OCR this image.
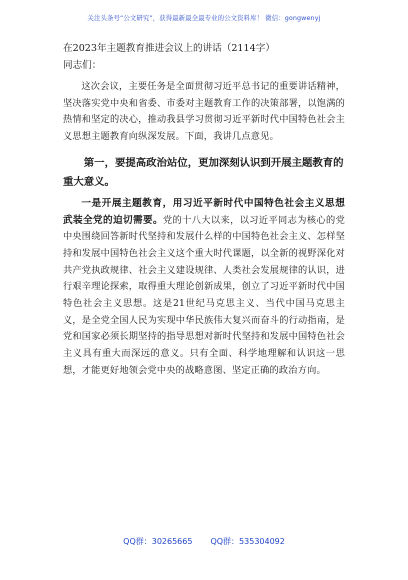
关注头条号“公文研究”，获得最新最全最专业的公文资料库！ 微信：gongwenyj
在2023年主题教育推进会议上的讲话（2114字）
同志们：

这次会议，主要任务是全面贯彻习近平总书记的重要讲话精神，坚决落实党中央和省委、市委对主题教育工作的决策部署，以饱满的热情和坚定的决心，推动我县学习贯彻习近平新时代中国特色社会主义思想主题教育向纵深发展。下面，我讲几点意见。

第一，要提高政治站位，更加深刻认识到开展主题教育的重大意义。

一是开展主题教育，用习近平新时代中国特色社会主义思想武装全党的迫切需要。党的十八大以来，以习近平同志为核心的党中央围绕回答新时代坚持和发展什么样的中国特色社会主义、怎样坚持和发展中国特色社会主义这个重大时代课题，以全新的视野深化对共产党执政规律、社会主义建设规律、人类社会发展规律的认识，进行艰辛理论探索，取得重大理论创新成果，创立了习近平新时代中国特色社会主义思想。这是21世纪马克思主义、当代中国马克思主义，是全党全国人民为实现中华民族伟大复兴而奋斗的行动指南，是党和国家必须长期坚持的指导思想对新时代坚持和发展中国特色社会主义具有重大而深远的意义。只有全面、科学地理解和认识这一思想，才能更好地领会党中央的战略意图、坚定正确的政治方向。

QQ群：30265665 QQ群：535304092
